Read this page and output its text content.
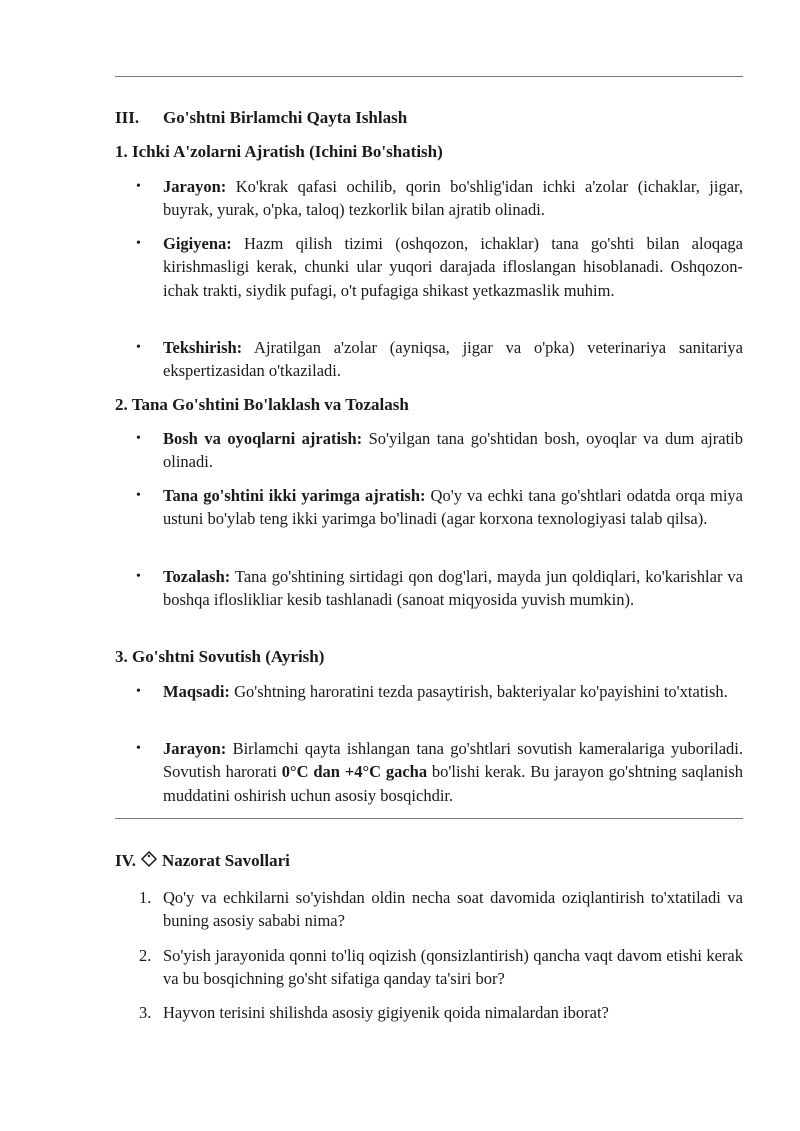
III. Go'shtni Birlamchi Qayta Ishlash
1. Ichki A'zolarni Ajratish (Ichini Bo'shatish)
• Jarayon: Ko'krak qafasi ochilib, qorin bo'shlig'idan ichki a'zolar (ichaklar, jigar, buyrak, yurak, o'pka, taloq) tezkorlik bilan ajratib olinadi.
• Gigiyena: Hazm qilish tizimi (oshqozon, ichaklar) tana go'shti bilan aloqaga kirishmasligi kerak, chunki ular yuqori darajada ifloslangan hisoblanadi. Oshqozon-ichak trakti, siydik pufagi, o't pufagiga shikast yetkazmaslik muhim.
• Tekshirish: Ajratilgan a'zolar (ayniqsa, jigar va o'pka) veterinariya sanitariya ekspertizasidan o'tkaziladi.
2. Tana Go'shtini Bo'laklash va Tozalash
• Bosh va oyoqlarni ajratish: So'yilgan tana go'shtidan bosh, oyoqlar va dum ajratib olinadi.
• Tana go'shtini ikki yarimga ajratish: Qo'y va echki tana go'shtlari odatda orqa miya ustuni bo'ylab teng ikki yarimga bo'linadi (agar korxona texnologiyasi talab qilsa).
• Tozalash: Tana go'shtining sirtidagi qon dog'lari, mayda jun qoldiqlari, ko'karishlar va boshqa ifloslikliar kesib tashlanadi (sanoat miqyosida yuvish mumkin).
3. Go'shtni Sovutish (Ayrish)
• Maqsadi: Go'shtning haroratini tezda pasaytirish, bakteriyalar ko'payishini to'xtatish.
• Jarayon: Birlamchi qayta ishlangan tana go'shtlari sovutish kameralariga yuboriladi. Sovutish harorati 0°C dan +4°C gacha bo'lishi kerak. Bu jarayon go'shtning saqlanish muddatini oshirish uchun asosiy bosqichdir.
IV. Nazorat Savollari
1. Qo'y va echkilarni so'yishdan oldin necha soat davomida oziqlantirish to'xtatiladi va buning asosiy sababi nima?
2. So'yish jarayonida qonni to'liq oqizish (qonsizlantirish) qancha vaqt davom etishi kerak va bu bosqichning go'sht sifatiga qanday ta'siri bor?
3. Hayvon terisini shilishda asosiy gigiyenik qoida nimalardan iborat?
